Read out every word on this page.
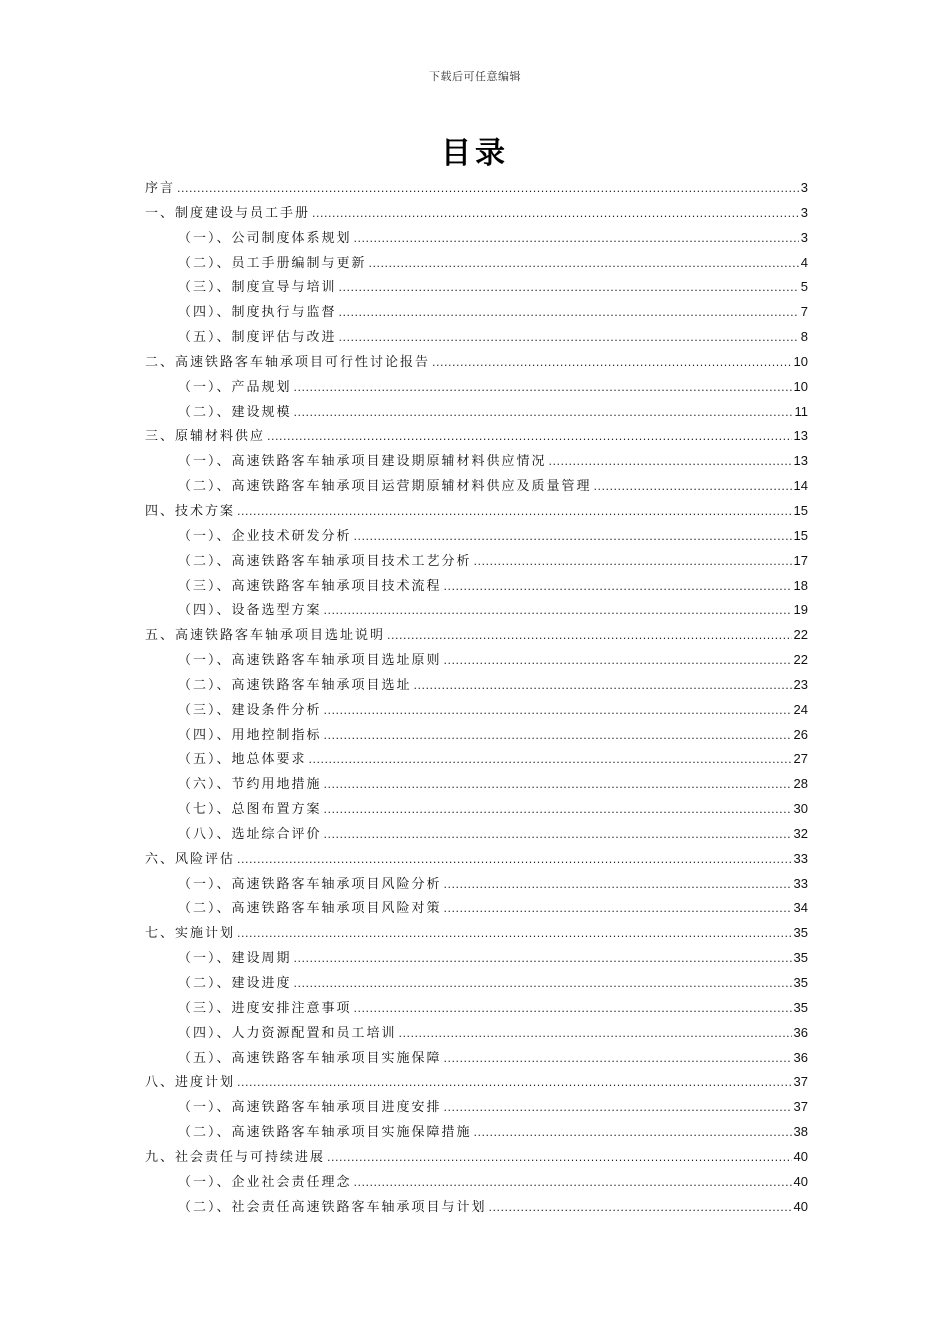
下载后可任意编辑
目录
序言 .....	3
一、制度建设与员工手册 .....	3
（一）、公司制度体系规划 .....	3
（二）、员工手册编制与更新 .....	4
（三）、制度宣导与培训 .....	5
（四）、制度执行与监督 .....	7
（五）、制度评估与改进 .....	8
二、高速铁路客车轴承项目可行性讨论报告 .....	10
（一）、产品规划 .....	10
（二）、建设规模 .....	11
三、原辅材料供应 .....	13
（一）、高速铁路客车轴承项目建设期原辅材料供应情况 .....	13
（二）、高速铁路客车轴承项目运营期原辅材料供应及质量管理 .....	14
四、技术方案 .....	15
（一）、企业技术研发分析 .....	15
（二）、高速铁路客车轴承项目技术工艺分析 .....	17
（三）、高速铁路客车轴承项目技术流程 .....	18
（四）、设备选型方案 .....	19
五、高速铁路客车轴承项目选址说明 .....	22
（一）、高速铁路客车轴承项目选址原则 .....	22
（二）、高速铁路客车轴承项目选址 .....	23
（三）、建设条件分析 .....	24
（四）、用地控制指标 .....	26
（五）、地总体要求 .....	27
（六）、节约用地措施 .....	28
（七）、总图布置方案 .....	30
（八）、选址综合评价 .....	32
六、风险评估 .....	33
（一）、高速铁路客车轴承项目风险分析 .....	33
（二）、高速铁路客车轴承项目风险对策 .....	34
七、实施计划 .....	35
（一）、建设周期 .....	35
（二）、建设进度 .....	35
（三）、进度安排注意事项 .....	35
（四）、人力资源配置和员工培训 .....	36
（五）、高速铁路客车轴承项目实施保障 .....	36
八、进度计划 .....	37
（一）、高速铁路客车轴承项目进度安排 .....	37
（二）、高速铁路客车轴承项目实施保障措施 .....	38
九、社会责任与可持续进展 .....	40
（一）、企业社会责任理念 .....	40
（二）、社会责任高速铁路客车轴承项目与计划 .....	40
